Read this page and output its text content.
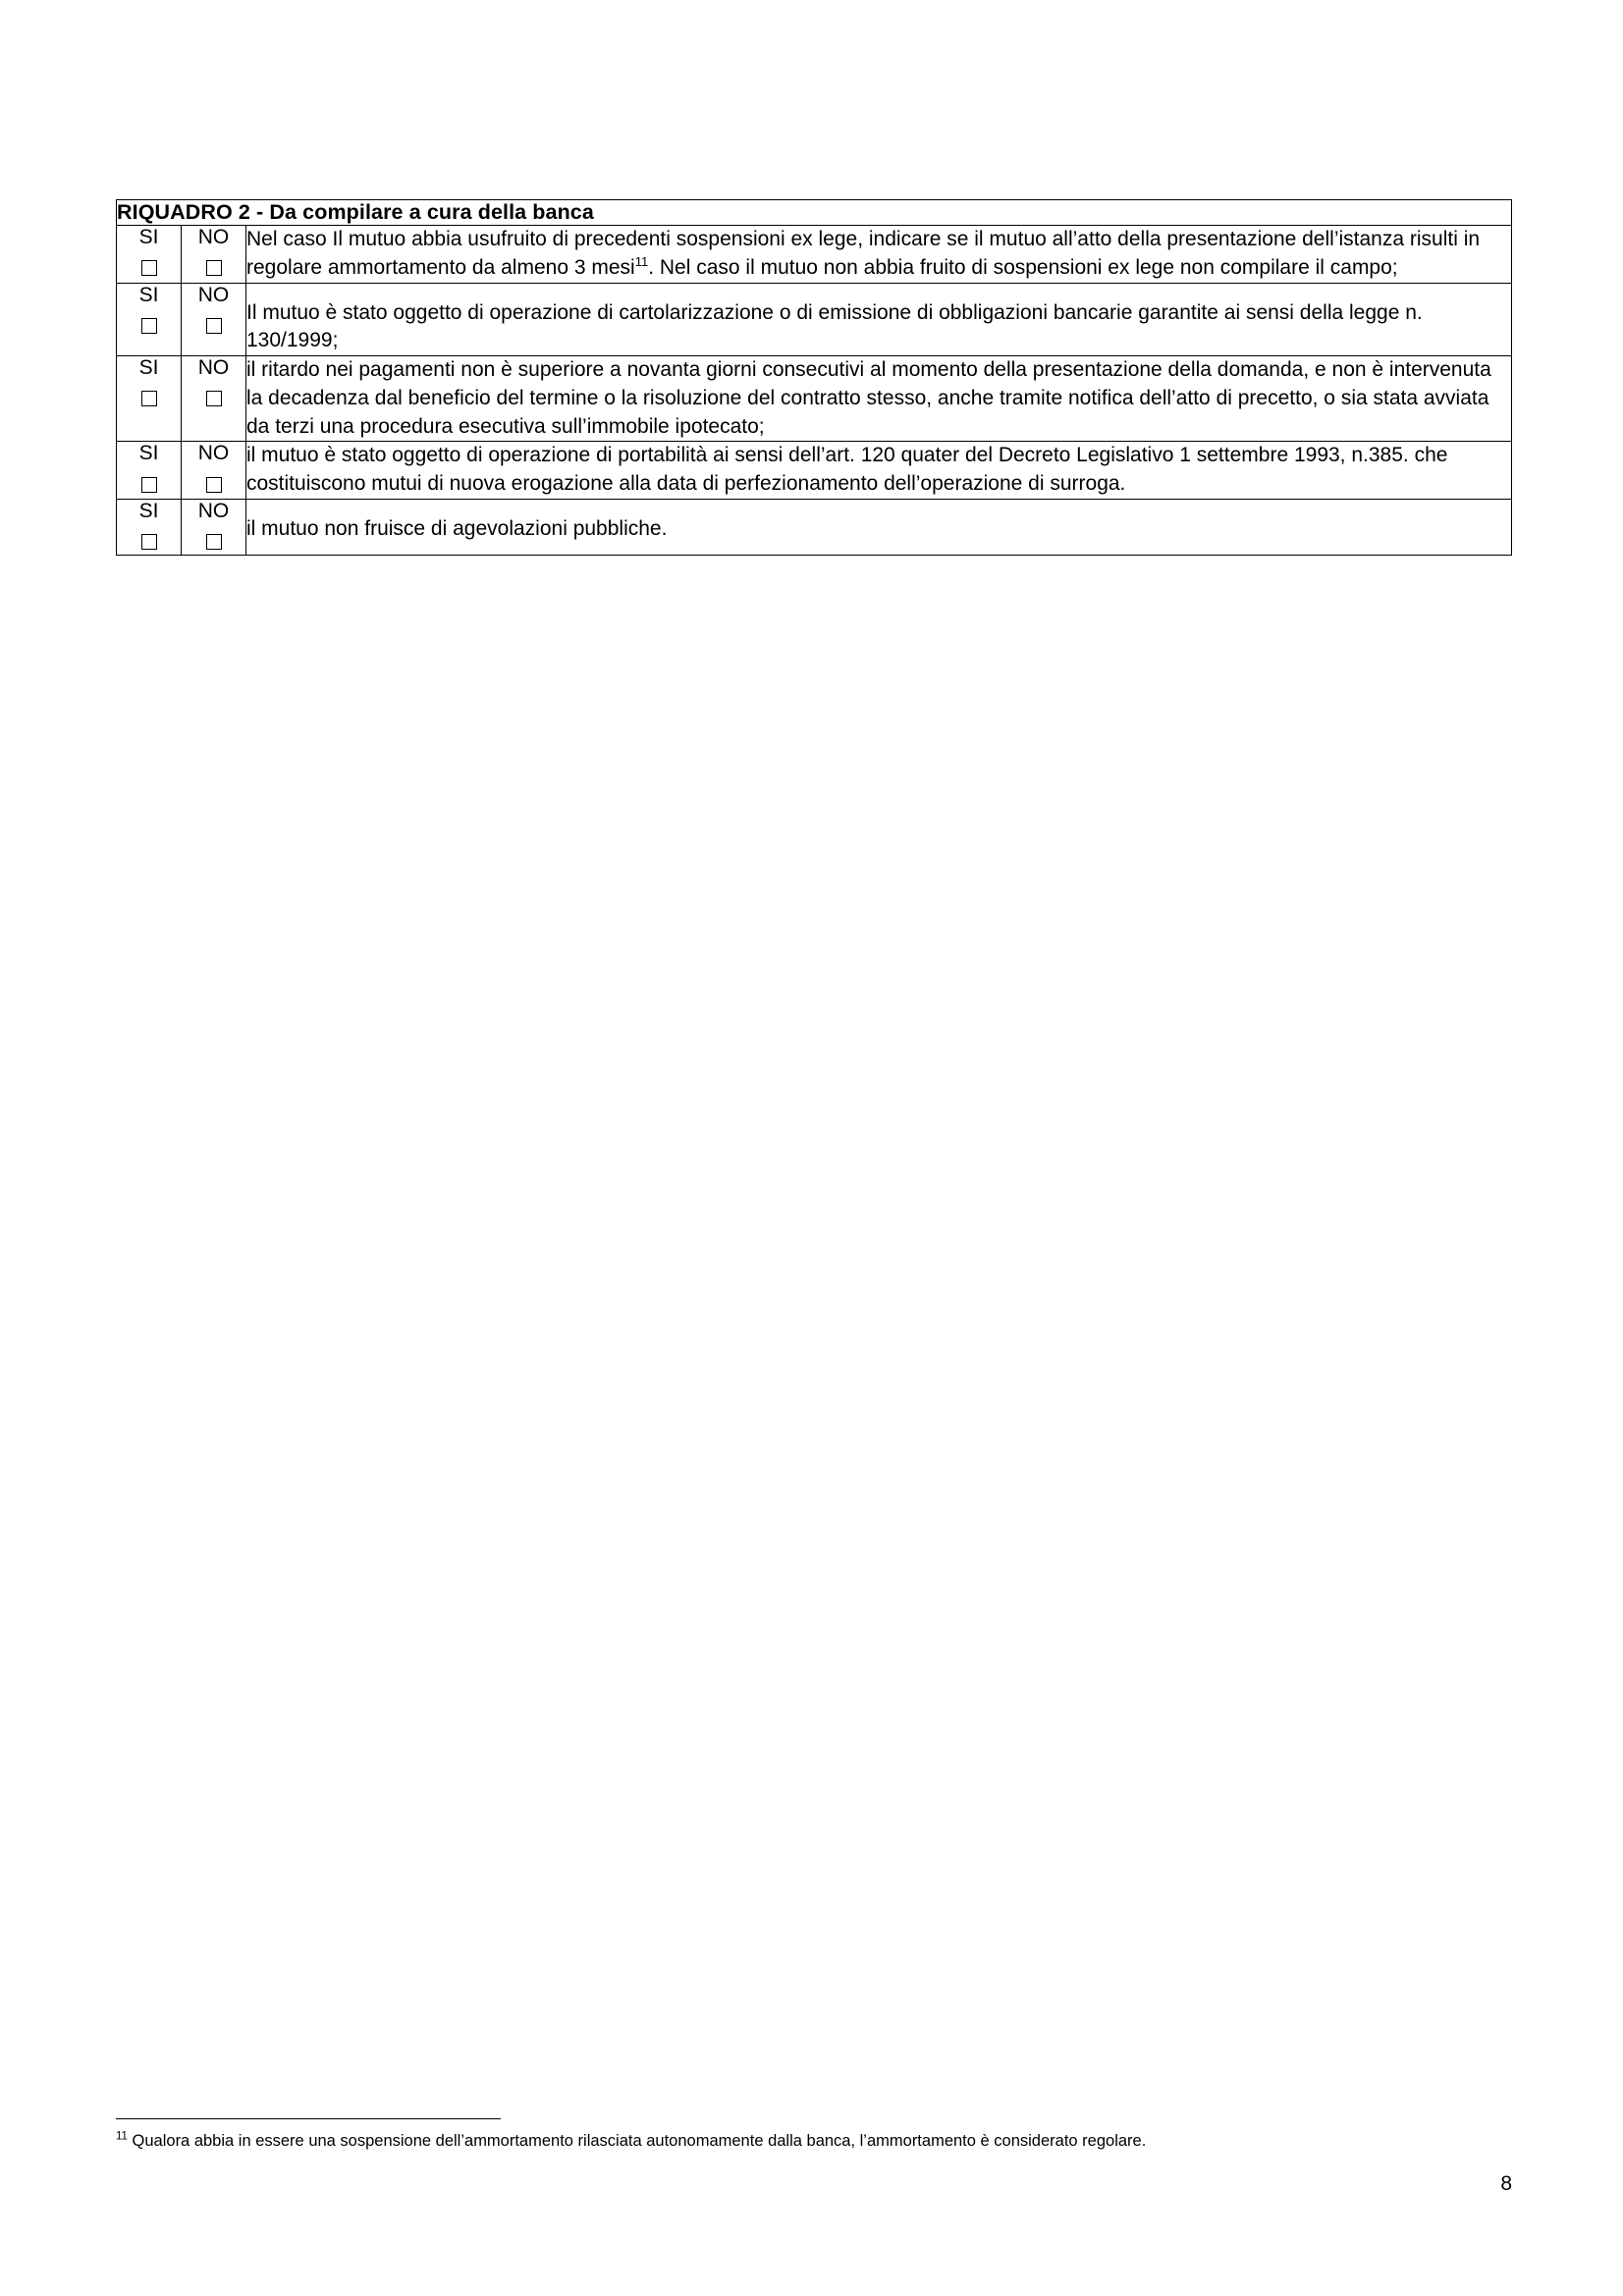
RIQUADRO 2 - Da compilare a cura della banca		

SI	NO	Nel caso Il mutuo abbia usufruito di precedenti sospensioni ex lege, indicare se il mutuo all’atto della presentazione dell’istanza risulti in regolare ammortamento da almeno 3 mesi$^{11}$. Nel caso il mutuo non abbia fruito di sospensioni ex lege non compilare il campo;

SI	NO	Il mutuo è stato oggetto di operazione di cartolarizzazione o di emissione di obbligazioni bancarie garantite ai sensi della legge n. 130/1999;

SI	NO	il ritardo nei pagamenti non è superiore a novanta giorni consecutivi al momento della presentazione della domanda, e non è intervenuta la decadenza dal beneficio del termine o la risoluzione del contratto stesso, anche tramite notifica dell’atto di precetto, o sia stata avviata da terzi una procedura esecutiva sull’immobile ipotecato;

SI	NO	il mutuo è stato oggetto di operazione di portabilità ai sensi dell’art. 120 quater del Decreto Legislativo 1 settembre 1993, n.385. che costituiscono mutui di nuova erogazione alla data di perfezionamento dell’operazione di surroga.

SI	NO	il mutuo non fruisce di agevolazioni pubbliche.
$^{11}$ Qualora abbia in essere una sospensione dell’ammortamento rilasciata autonomamente dalla banca, l’ammortamento è considerato regolare.
8
